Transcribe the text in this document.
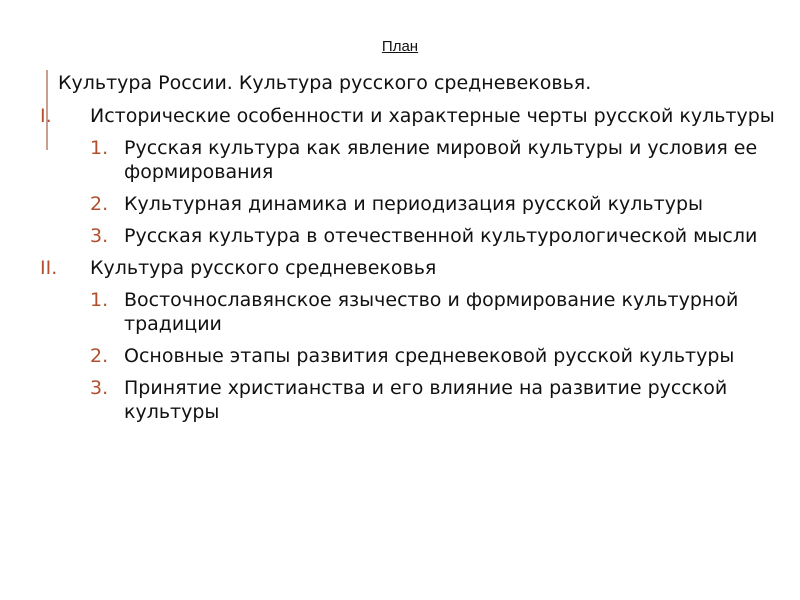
План
Культура России. Культура русского средневековья.
I. Исторические особенности и характерные черты русской культуры
1. Русская культура как явление мировой культуры и условия ее формирования
2. Культурная динамика и периодизация русской культуры
3. Русская культура в отечественной культурологической мысли
II. Культура русского средневековья
1. Восточнославянское язычество и формирование культурной традиции
2. Основные этапы развития средневековой русской культуры
3. Принятие христианства и его влияние на развитие русской культуры
